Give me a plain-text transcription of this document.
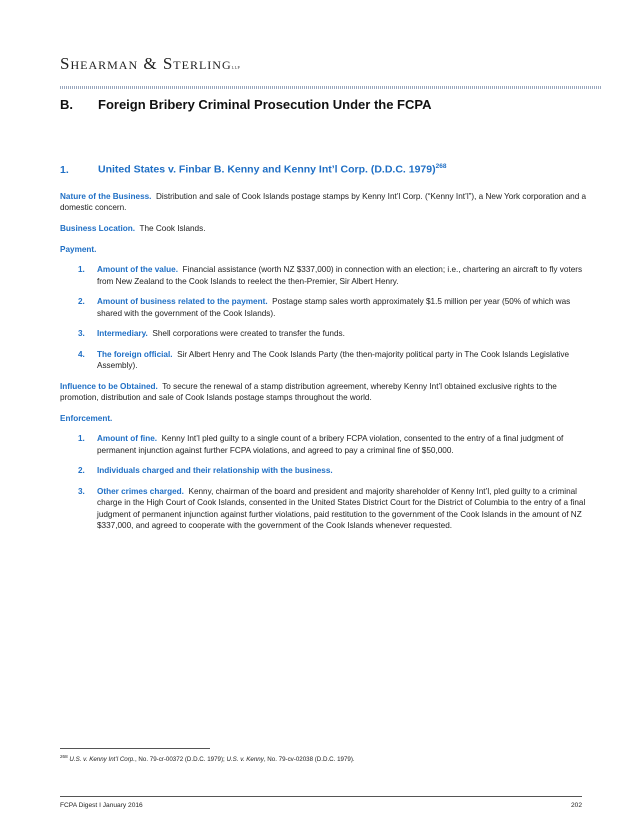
Shearman & Sterlingllp
B. Foreign Bribery Criminal Prosecution Under the FCPA
1.	United States v. Finbar B. Kenny and Kenny Int’l Corp. (D.D.C. 1979)$^{268}$

Nature of the Business. Distribution and sale of Cook Islands postage stamps by Kenny Int’l Corp. (“Kenny Int’l”), a New York corporation and a domestic concern.

Business Location. The Cook Islands.

Payment.

1. Amount of the value. Financial assistance (worth NZ $337,000) in connection with an election; i.e., chartering an aircraft to fly voters from New Zealand to the Cook Islands to reelect the then-Premier, Sir Albert Henry.
2. Amount of business related to the payment. Postage stamp sales worth approximately $1.5 million per year (50% of which was shared with the government of the Cook Islands).
3. Intermediary. Shell corporations were created to transfer the funds.
4. The foreign official. Sir Albert Henry and The Cook Islands Party (the then-majority political party in The Cook Islands Legislative Assembly).

Influence to be Obtained. To secure the renewal of a stamp distribution agreement, whereby Kenny Int’l obtained exclusive rights to the promotion, distribution and sale of Cook Islands postage stamps throughout the world.

Enforcement.

1. Amount of fine. Kenny Int’l pled guilty to a single count of a bribery FCPA violation, consented to the entry of a final judgment of permanent injunction against further FCPA violations, and agreed to pay a criminal fine of $50,000.
2. Individuals charged and their relationship with the business.
3. Other crimes charged. Kenny, chairman of the board and president and majority shareholder of Kenny Int’l, pled guilty to a criminal charge in the High Court of Cook Islands, consented in the United States District Court for the District of Columbia to the entry of a final judgment of permanent injunction against further violations, paid restitution to the government of the Cook Islands in the amount of NZ $337,000, and agreed to cooperate with the government of the Cook Islands whenever requested.
$^{268}$ U.S. v. Kenny Int’l Corp., No. 79-cr-00372 (D.D.C. 1979); U.S. v. Kenny, No. 79-cv-02038 (D.D.C. 1979).
FCPA Digest I January 2016	202
